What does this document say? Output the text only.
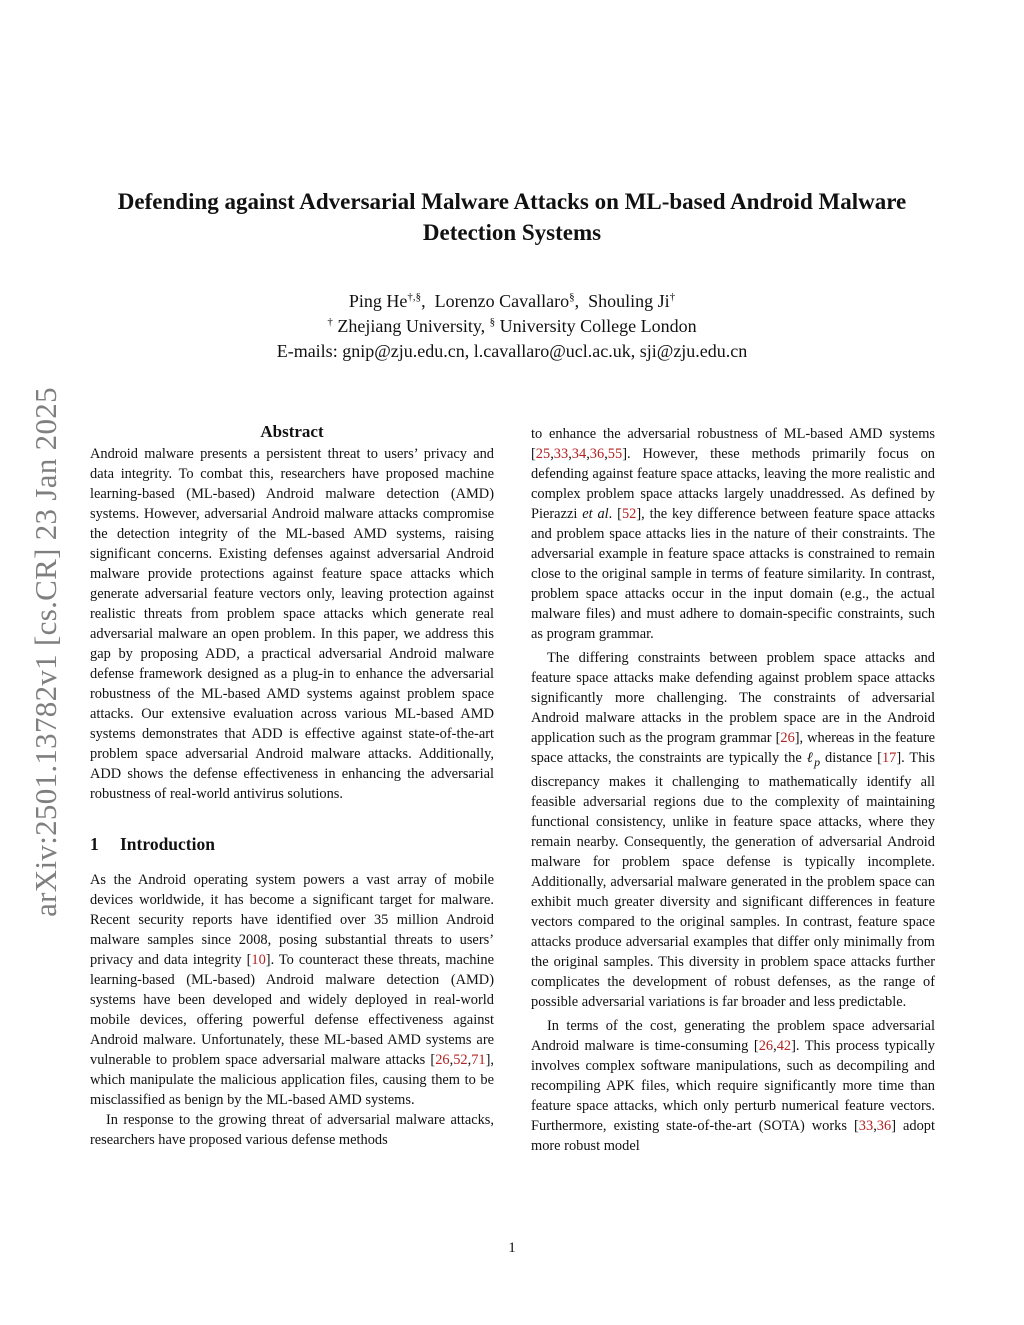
arXiv:2501.13782v1 [cs.CR] 23 Jan 2025
Defending against Adversarial Malware Attacks on ML-based Android Malware Detection Systems
Ping He†,§,  Lorenzo Cavallaro§,  Shouling Ji†
† Zhejiang University, § University College London
E-mails: gnip@zju.edu.cn, l.cavallaro@ucl.ac.uk, sji@zju.edu.cn
Abstract

Android malware presents a persistent threat to users’ privacy and data integrity. To combat this, researchers have proposed machine learning-based (ML-based) Android malware detection (AMD) systems. However, adversarial Android malware attacks compromise the detection integrity of the ML-based AMD systems, raising significant concerns. Existing defenses against adversarial Android malware provide protections against feature space attacks which generate adversarial feature vectors only, leaving protection against realistic threats from problem space attacks which generate real adversarial malware an open problem. In this paper, we address this gap by proposing ADD, a practical adversarial Android malware defense framework designed as a plug-in to enhance the adversarial robustness of the ML-based AMD systems against problem space attacks. Our extensive evaluation across various ML-based AMD systems demonstrates that ADD is effective against state-of-the-art problem space adversarial Android malware attacks. Additionally, ADD shows the defense effectiveness in enhancing the adversarial robustness of real-world antivirus solutions.

1 Introduction

As the Android operating system powers a vast array of mobile devices worldwide, it has become a significant target for malware. Recent security reports have identified over 35 million Android malware samples since 2008, posing substantial threats to users’ privacy and data integrity [10]. To counteract these threats, machine learning-based (ML-based) Android malware detection (AMD) systems have been developed and widely deployed in real-world mobile devices, offering powerful defense effectiveness against Android malware. Unfortunately, these ML-based AMD systems are vulnerable to problem space adversarial malware attacks [26,52,71], which manipulate the malicious application files, causing them to be misclassified as benign by the ML-based AMD systems.

In response to the growing threat of adversarial malware attacks, researchers have proposed various defense methods

to enhance the adversarial robustness of ML-based AMD systems [25,33,34,36,55]. However, these methods primarily focus on defending against feature space attacks, leaving the more realistic and complex problem space attacks largely unaddressed. As defined by Pierazzi et al. [52], the key difference between feature space attacks and problem space attacks lies in the nature of their constraints. The adversarial example in feature space attacks is constrained to remain close to the original sample in terms of feature similarity. In contrast, problem space attacks occur in the input domain (e.g., the actual malware files) and must adhere to domain-specific constraints, such as program grammar.

The differing constraints between problem space attacks and feature space attacks make defending against problem space attacks significantly more challenging. The constraints of adversarial Android malware attacks in the problem space are in the Android application such as the program grammar [26], whereas in the feature space attacks, the constraints are typically the ℓ$_p$ distance [17]. This discrepancy makes it challenging to mathematically identify all feasible adversarial regions due to the complexity of maintaining functional consistency, unlike in feature space attacks, where they remain nearby. Consequently, the generation of adversarial Android malware for problem space defense is typically incomplete. Additionally, adversarial malware generated in the problem space can exhibit much greater diversity and significant differences in feature vectors compared to the original samples. In contrast, feature space attacks produce adversarial examples that differ only minimally from the original samples. This diversity in problem space attacks further complicates the development of robust defenses, as the range of possible adversarial variations is far broader and less predictable.

In terms of the cost, generating the problem space adversarial Android malware is time-consuming [26,42]. This process typically involves complex software manipulations, such as decompiling and recompiling APK files, which require significantly more time than feature space attacks, which only perturb numerical feature vectors. Furthermore, existing state-of-the-art (SOTA) works [33,36] adopt more robust model

1
